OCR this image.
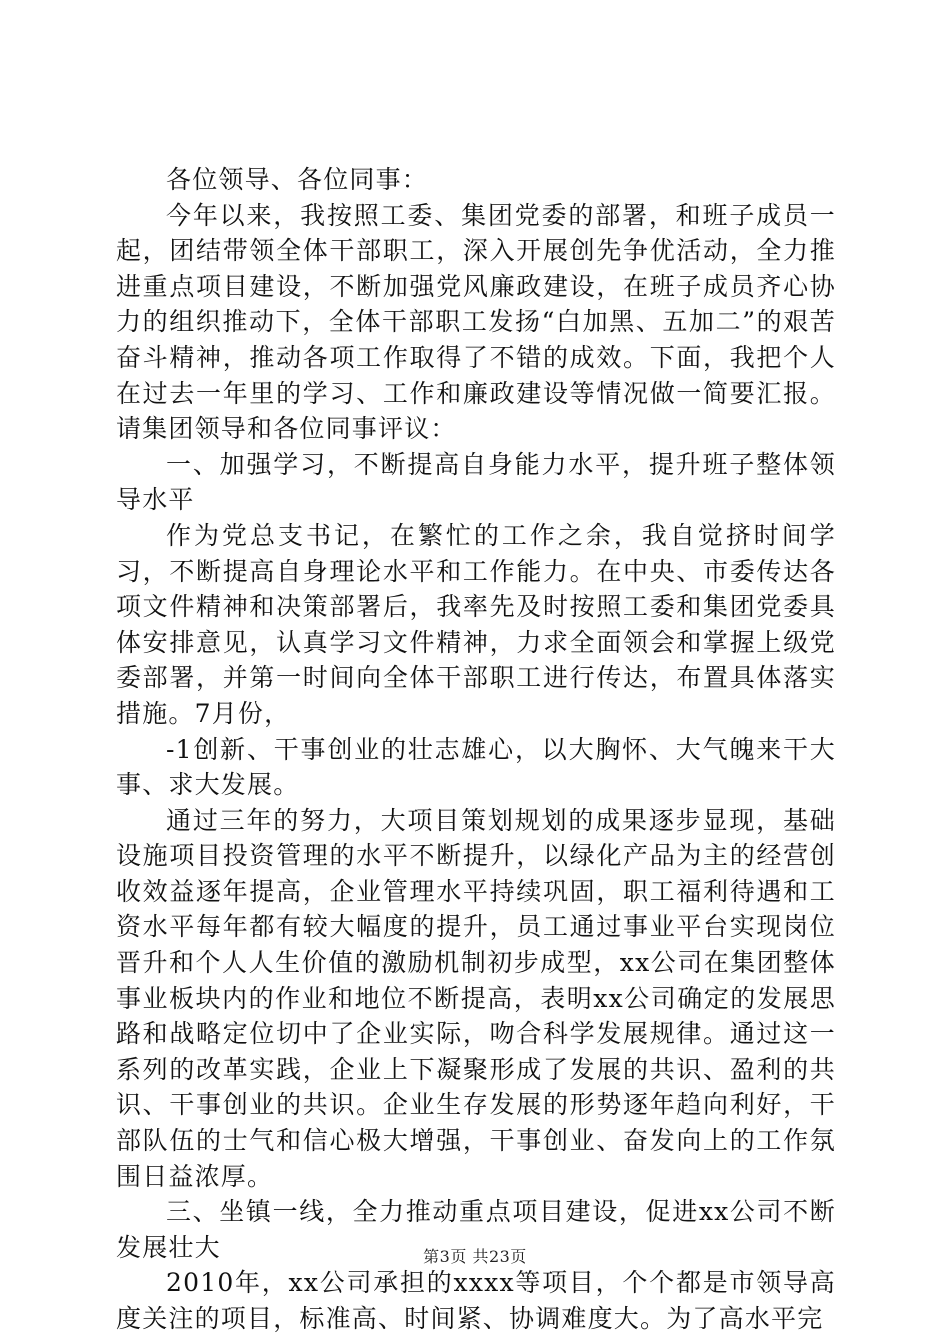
各位领导、各位同事：

今年以来，我按照工委、集团党委的部署，和班子成员一起，团结带领全体干部职工，深入开展创先争优活动，全力推进重点项目建设，不断加强党风廉政建设，在班子成员齐心协力的组织推动下，全体干部职工发扬“白加黑、五加二”的艰苦奋斗精神，推动各项工作取得了不错的成效。下面，我把个人在过去一年里的学习、工作和廉政建设等情况做一简要汇报。请集团领导和各位同事评议：

一、加强学习，不断提高自身能力水平，提升班子整体领导水平

作为党总支书记，在繁忙的工作之余，我自觉挤时间学习，不断提高自身理论水平和工作能力。在中央、市委传达各项文件精神和决策部署后，我率先及时按照工委和集团党委具体安排意见，认真学习文件精神，力求全面领会和掌握上级党委部署，并第一时间向全体干部职工进行传达，布置具体落实措施。7月份，

-1创新、干事创业的壮志雄心，以大胸怀、大气魄来干大事、求大发展。

通过三年的努力，大项目策划规划的成果逐步显现，基础设施项目投资管理的水平不断提升，以绿化产品为主的经营创收效益逐年提高，企业管理水平持续巩固，职工福利待遇和工资水平每年都有较大幅度的提升，员工通过事业平台实现岗位晋升和个人人生价值的激励机制初步成型，xx公司在集团整体事业板块内的作业和地位不断提高，表明xx公司确定的发展思路和战略定位切中了企业实际，吻合科学发展规律。通过这一系列的改革实践，企业上下凝聚形成了发展的共识、盈利的共识、干事创业的共识。企业生存发展的形势逐年趋向利好，干部队伍的士气和信心极大增强，干事创业、奋发向上的工作氛围日益浓厚。

三、坐镇一线，全力推动重点项目建设，促进xx公司不断发展壮大

2010年，xx公司承担的xxxx等项目，个个都是市领导高度关注的项目，标准高、时间紧、协调难度大。为了高水平完

第3页 共23页
